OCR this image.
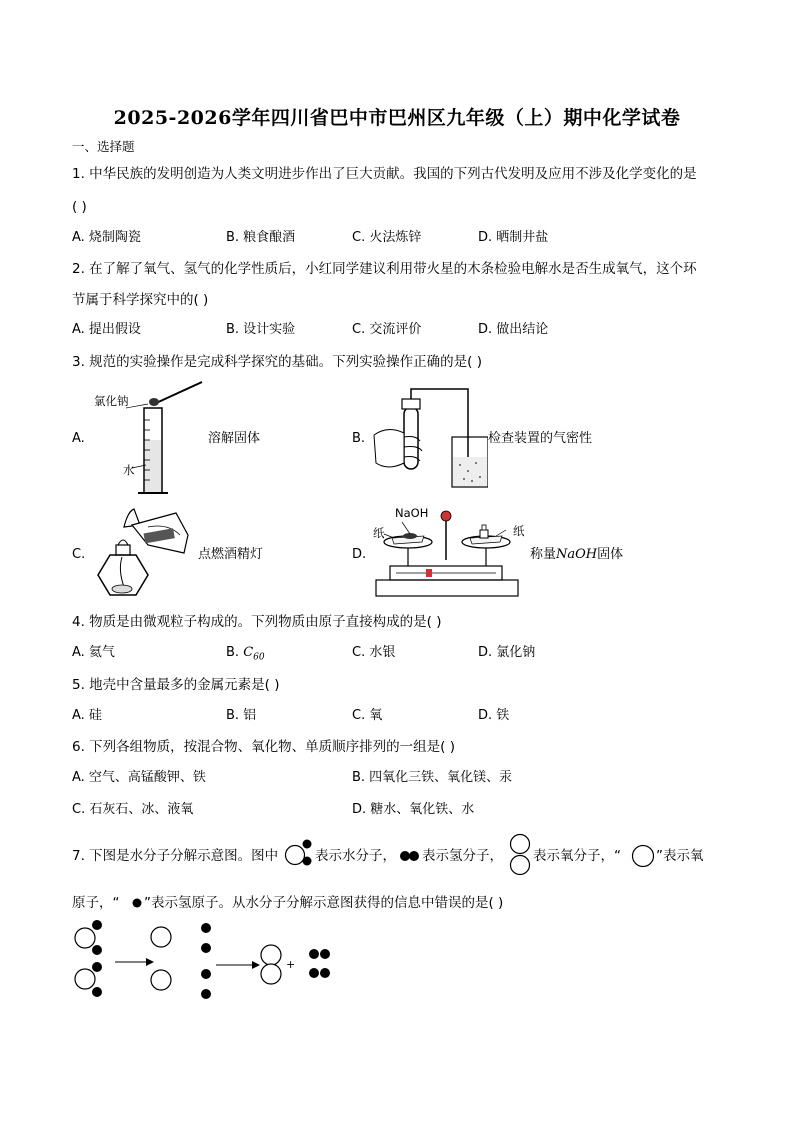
2025-2026学年四川省巴中市巴州区九年级（上）期中化学试卷
一、选择题
1. 中华民族的发明创造为人类文明进步作出了巨大贡献。我国的下列古代发明及应用不涉及化学变化的是
( )
A. 烧制陶瓷	B. 粮食酿酒	C. 火法炼锌	D. 晒制井盐
2. 在了解了氧气、氢气的化学性质后，小红同学建议利用带火星的木条检验电解水是否生成氧气，这个环
节属于科学探究中的( )
A. 提出假设	B. 设计实验	C. 交流评价	D. 做出结论
3. 规范的实验操作是完成科学探究的基础。下列实验操作正确的是( )
A.
氯化钠
水
溶解固体	B.	检查装置的气密性
C.	点燃酒精灯	D.
NaOH
纸	纸
称量NaOH固体
4. 物质是由微观粒子构成的。下列物质由原子直接构成的是( )
A. 氦气	B. $C_{60}$	C. 水银	D. 氯化钠
5. 地壳中含量最多的金属元素是( )
A. 硅	B. 铝	C. 氧	D. 铁
6. 下列各组物质，按混合物、氧化物、单质顺序排列的一组是( )
A. 空气、高锰酸钾、铁	B. 四氧化三铁、氧化镁、汞
C. 石灰石、冰、液氧	D. 糖水、氧化铁、水
7. 下图是水分子分解示意图。图中	表示水分子， 表示氢分子， 表示氧分子，“	”表示氧
原子，“ ”表示氢原子。从水分子分解示意图获得的信息中错误的是( )
+
